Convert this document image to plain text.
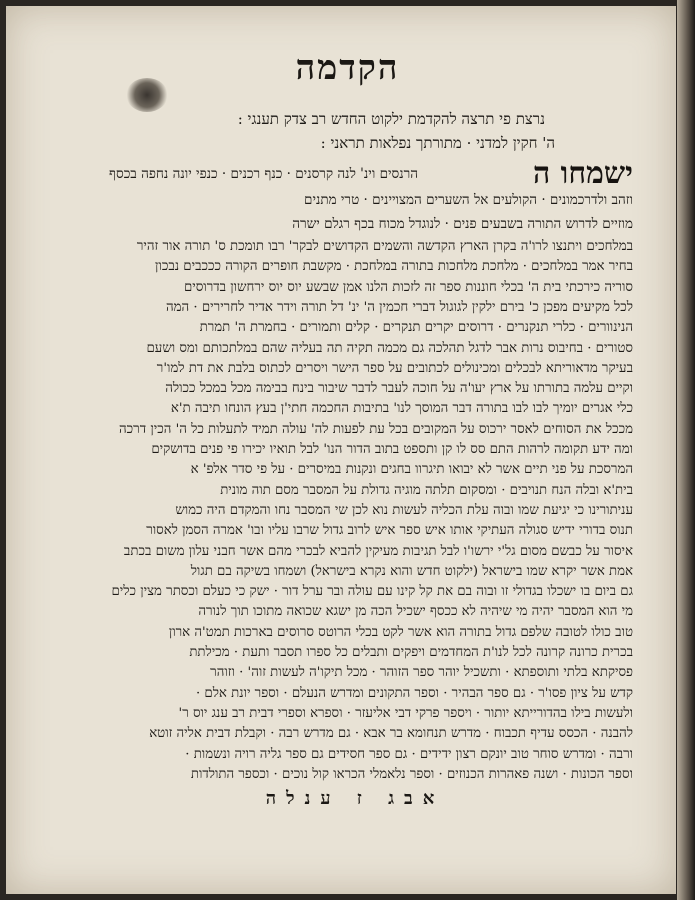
הקדמה
נרצת פי תרצה להקדמת ילקוט החדש רב צדק תענגי :
ה' חקין למדני · מתורתך נפלאות תראני :
ישמחו ה
הרנסים וינ' לנה קרסנים · כנף רכנים · כנפי יונה נחפה בכסף
וזהב ולדרכמונים · הקולעים אל השערים המצויינים · טרי מתנים
מוזיים לדרוש התורה בשבעים פנים · לנוגדל מכוח בכף רגלם ישרה
במלחכים ויתנצו לרו'ה בקרן הארץ הקדשה והשמים הקדושים לבקר' רבו תומכת ס' תורה אור זהיר
בחיר אמר במלחכים · מלחכת מלחכות בתורה במלחכת · מקשבת חופרים הקורה כככבים נבכון
סוריה כירכתי בית ה' בכלי חוננות ספר זה לזכות הלנו אמן שבשע יוס יוס ירחשון בדרוסים
לכל מקיעים מפכן כ' בירם ילקין לגוגול דברי חכמין ה' ינ' דל תורה וידר אדיר לחרירים · המה
הנינוורים · כלרי תנקנרים · דרוסים יקרים תנקרים · קלים ותמורים · בחמרת ה' תמרת
סטורים · בחיבוס נרות אבר לדגל תהלכה גם מכמה תקיה תה בעליה שהם במלתכותם ומס ושעם
בעיקר מדאוריתא לבכלים ומכינולים לכתובים על ספר הישר ויסרים לכתוס בלבת את דת למו'ר
וקיים עלמה בתורתו על ארץ יעו'ה על חוכה לעבר לדבר שיבור בינח בבימה מכל במכל ככולה
כלי אגרים יומיך לבו לבו בתורה דבר המוסך לנו' בתיבות החכמה חתי'ן בעץ הונחו תיבה ת'א
מככל את הסוחים לאסר ירכוס על המקובים בכל עת לפעות לה' עולה תמיד לתעלות כל ה' הכין דרכה
ומה ידע תקומה לרהות התם סס לו קן ותספט בתוב הדור הנו' לבל תואיו יכירו פי פנים בדושקים
המרסכת על פני תיים אשר לא יבואו תיגרוו בחגים ונקנות במיסרים · על פי סדר אלפ' א
בית'א ובלה הנח תנויבים · ומסקום תלתה מוגיה גדולת על המסבר מסם תוה מונית
עניתורינו כי יגיעת שמו ובוה עלת הכליה לעשות נוא לכן שי המסבר נחו והמקדם היה כמוש
תנוס בדורי ידיש סגולה העתיקי אותו איש ספר איש לרוב גדול שרבו עליו ובו' אמרה הסמן לאסור
איסור על כבשם מסום גל'י ירשו'ו לבל תגיבות מעיקין להביא לבכרי מהם אשר חבני עלון משום בכתב
אמת אשר יקרא שמו בישראל (ילקוט חדש והוא נקרא בישראל) ושמחו בשיקה בם תגול
גם ביום בו ישכלו בגדולי זו ובוה בם את קל קינו עם עולה ובר ערל דור · ישק כי כעלם וכסתר מצין כלים
מי הוא המסבר יהיה מי שיהיה לא ככסף ישכיל הכה מן ישגא שכואה מתוכו תוך לנורה
טוב כולו לטובה שלפם גדול בתורה הוא אשר לקט בכלי הרוטס סרוסים בארכות תמט'ה ארון
בכרית כרונה קרונה לכל לנו'ת המחדמים ויפקים ותבלים כל ספרו תסבר ותעת · מכילתת
פסיקתא בלתי ותוספתא · ותשכיל יוהר ספר הזוהר · מכל תיקו'ה לעשות זוה' · וזוהר
קדש על ציון פסו'ר · גם ספר הבהיר · וספר התקונים ומדרש הנעלם · וספר יונת אלם ·
ולעשות בילו בהדורייתא יותור · ויספר פרקי דבי אליעזר · וספרא וספרי דבית רב ענג יוס ר'
להבנה · הכסס עדיף תכבוח · מדרש תנחומא בר אבא · גם מדרש רבה · וקבלת דבית אליה זוטא
ורבה · ומדרש סוחר טוב יונקם רצון ידידים · גם ספר חסידים גם ספר גליה רויה ונשמות ·
וספר הכונות · ושנה פאהרות הכנוזים · וספר נלאמלי הכראו קול נוכים · וכספר התולדות
אבג ז ענלה
